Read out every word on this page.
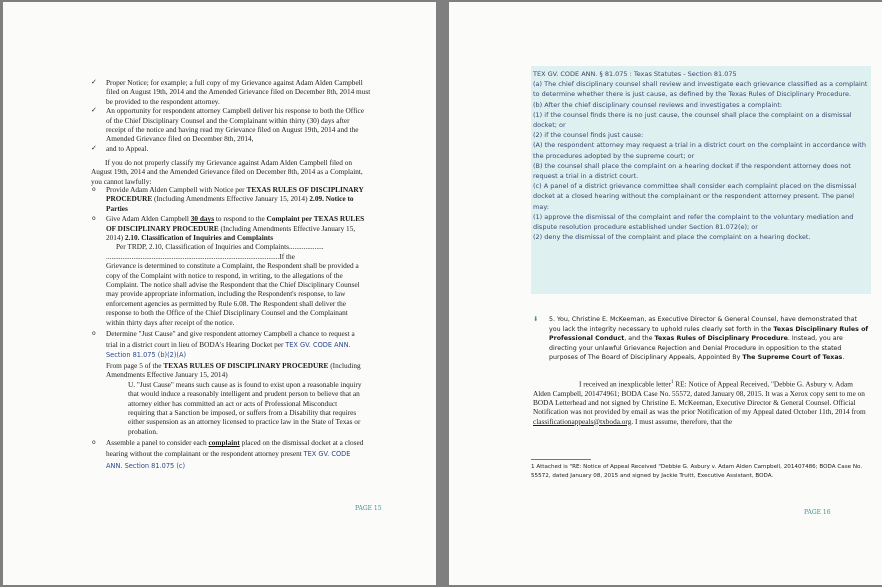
✓ Proper Notice; for example; a full copy of my Grievance against Adam Alden Campbell filed on August 19th, 2014 and the Amended Grievance filed on December 8th, 2014 must be provided to the respondent attorney.

✓ An opportunity for respondent attorney Campbell deliver his response to both the Office of the Chief Disciplinary Counsel and the Complainant within thirty (30) days after receipt of the notice and having read my Grievance filed on August 19th, 2014 and the Amended Grievance filed on December 8th, 2014,

✓ and to Appeal.

If you do not properly classify my Grievance against Adam Alden Campbell filed on August 19th, 2014 and the Amended Grievance filed on December 8th, 2014 as a Complaint, you cannot lawfully:

o Provide Adam Alden Campbell with Notice per TEXAS RULES OF DISCIPLINARY PROCEDURE (Including Amendments Effective January 15, 2014) 2.09. Notice to Parties

o Give Adam Alden Campbell 30 days to respond to the Complaint per TEXAS RULES OF DISCIPLINARY PROCEDURE (Including Amendments Effective January 15, 2014) 2.10. Classification of Inquiries and Complaints

Per TRDP, 2.10, Classification of Inquiries and Complaints...................

...............................................................................................If the

Grievance is determined to constitute a Complaint, the Respondent shall be provided a copy of the Complaint with notice to respond, in writing, to the allegations of the Complaint. The notice shall advise the Respondent that the Chief Disciplinary Counsel may provide appropriate information, including the Respondent's response, to law enforcement agencies as permitted by Rule 6.08. The Respondent shall deliver the response to both the Office of the Chief Disciplinary Counsel and the Complainant within thirty days after receipt of the notice.

o Determine "Just Cause" and give respondent attorney Campbell a chance to request a trial in a district court in lieu of BODA's Hearing Docket per TEX GV. CODE ANN. Section 81.075 (b)(2)(A)

From page 5 of the TEXAS RULES OF DISCIPLINARY PROCEDURE (Including Amendments Effective January 15, 2014)

U. "Just Cause" means such cause as is found to exist upon a reasonable inquiry that would induce a reasonably intelligent and prudent person to believe that an attorney either has committed an act or acts of Professional Misconduct requiring that a Sanction be imposed, or suffers from a Disability that requires either suspension as an attorney licensed to practice law in the State of Texas or probation.

o Assemble a panel to consider each complaint placed on the dismissal docket at a closed hearing without the complainant or the respondent attorney present TEX GV. CODE ANN. Section 81.075 (c)

PAGE 15

TEX GV. CODE ANN. § 81.075 : Texas Statutes - Section 81.075

(a) The chief disciplinary counsel shall review and investigate each grievance classified as a complaint to determine whether there is just cause, as defined by the Texas Rules of Disciplinary Procedure.

(b) After the chief disciplinary counsel reviews and investigates a complaint:

(1) if the counsel finds there is no just cause, the counsel shall place the complaint on a dismissal docket; or

(2) if the counsel finds just cause:

(A) the respondent attorney may request a trial in a district court on the complaint in accordance with the procedures adopted by the supreme court; or

(B) the counsel shall place the complaint on a hearing docket if the respondent attorney does not request a trial in a district court.

(c) A panel of a district grievance committee shall consider each complaint placed on the dismissal docket at a closed hearing without the complainant or the respondent attorney present. The panel may:

(1) approve the dismissal of the complaint and refer the complaint to the voluntary mediation and dispute resolution procedure established under Section 81.072(e); or

(2) deny the dismissal of the complaint and place the complaint on a hearing docket.

⬇ 5. You, Christine E. McKeeman, as Executive Director & General Counsel, have demonstrated that you lack the integrity necessary to uphold rules clearly set forth in the Texas Disciplinary Rules of Professional Conduct, and the Texas Rules of Disciplinary Procedure. Instead, you are directing your unlawful Grievance Rejection and Denial Procedure in opposition to the stated purposes of The Board of Disciplinary Appeals, Appointed By The Supreme Court of Texas.

I received an inexplicable letter$^1$ RE: Notice of Appeal Received, "Debbie G. Asbury v. Adam Alden Campbell, 201474961; BODA Case No. 55572, dated January 08, 2015. It was a Xerox copy sent to me on BODA Letterhead and not signed by Christine E. McKeeman, Executive Director & General Counsel. Official Notification was not provided by email as was the prior Notification of my Appeal dated October 11th, 2014 from classificationappeals@txboda.org. I must assume, therefore, that the

1 Attached is "RE: Notice of Appeal Received "Debbie G. Asbury v. Adam Alden Campbell, 201407486; BODA Case No. 55572, dated January 08, 2015 and signed by Jackie Truitt, Executive Assistant, BODA.

PAGE 16
